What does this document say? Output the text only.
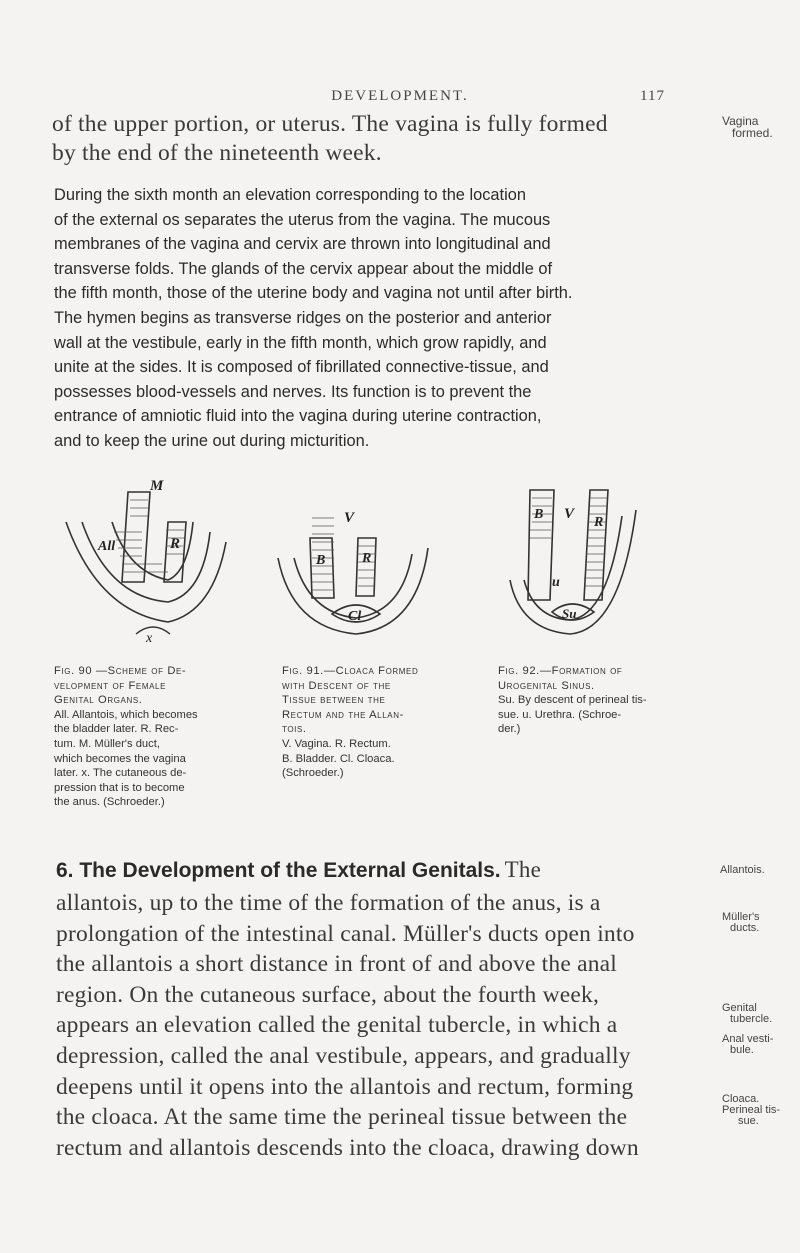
DEVELOPMENT.	117
of the upper portion, or uterus. The vagina is fully formed
by the end of the nineteenth week.
Vagina
formed.
During the sixth month an elevation corresponding to the location
of the external os separates the uterus from the vagina. The mucous
membranes of the vagina and cervix are thrown into longitudinal and
transverse folds. The glands of the cervix appear about the middle of
the fifth month, those of the uterine body and vagina not until after birth.
The hymen begins as transverse ridges on the posterior and anterior
wall at the vestibule, early in the fifth month, which grow rapidly, and
unite at the sides. It is composed of fibrillated connective-tissue, and
possesses blood-vessels and nerves. Its function is to prevent the
entrance of amniotic fluid into the vagina during uterine contraction,
and to keep the urine out during micturition.
M
All	R
x
V
B	R
Cl
B V
R
u
Su
Fig. 90 —Scheme of De-
velopment of Female
Genital Organs.
All. Allantois, which becomes
the bladder later. R. Rec-
tum. M. Müller's duct,
which becomes the vagina
later. x. The cutaneous de-
pression that is to become
the anus. (Schroeder.)
Fig. 91.—Cloaca Formed
with Descent of the
Tissue between the
Rectum and the Allan-
tois.
V. Vagina. R. Rectum.
B. Bladder. Cl. Cloaca.
(Schroeder.)
Fig. 92.—Formation of
Urogenital Sinus.
Su. By descent of perineal tis-
sue. u. Urethra. (Schroe-
der.)
6. The Development of the External Genitals. The
allantois, up to the time of the formation of the anus, is a
prolongation of the intestinal canal. Müller's ducts open into
the allantois a short distance in front of and above the anal
region. On the cutaneous surface, about the fourth week,
appears an elevation called the genital tubercle, in which a
depression, called the anal vestibule, appears, and gradually
deepens until it opens into the allantois and rectum, forming
the cloaca. At the same time the perineal tissue between the
rectum and allantois descends into the cloaca, drawing down
Allantois.
Müller's
ducts.
Genital
tubercle.
Anal vesti-
bule.
Cloaca.
Perineal tis-
sue.
